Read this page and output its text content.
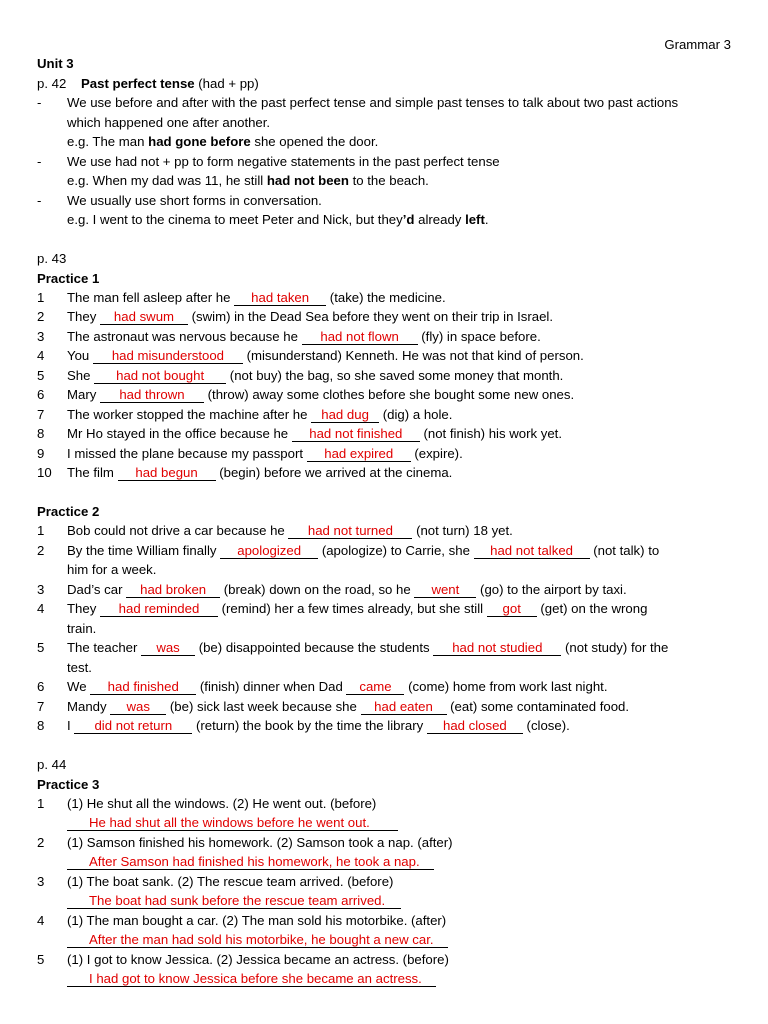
Grammar 3
Unit 3
p. 42 Past perfect tense (had + pp)
- We use before and after with the past perfect tense and simple past tenses to talk about two past actions
which happened one after another.
e.g. The man had gone before she opened the door.
- We use had not + pp to form negative statements in the past perfect tense
e.g. When my dad was 11, he still had not been to the beach.
- We usually use short forms in conversation.
e.g. I went to the cinema to meet Peter and Nick, but they’d already left.
p. 43
Practice 1
1 The man fell asleep after he had taken (take) the medicine.
2 They had swum (swim) in the Dead Sea before they went on their trip in Israel.
3 The astronaut was nervous because he had not flown (fly) in space before.
4 You had misunderstood (misunderstand) Kenneth. He was not that kind of person.
5 She had not bought (not buy) the bag, so she saved some money that month.
6 Mary had thrown (throw) away some clothes before she bought some new ones.
7 The worker stopped the machine after he had dug (dig) a hole.
8 Mr Ho stayed in the office because he had not finished (not finish) his work yet.
9 I missed the plane because my passport had expired (expire).
10 The film had begun (begin) before we arrived at the cinema.
Practice 2
1 Bob could not drive a car because he had not turned (not turn) 18 yet.
2 By the time William finally apologized (apologize) to Carrie, she had not talked (not talk) to
him for a week.
3 Dad’s car had broken (break) down on the road, so he went (go) to the airport by taxi.
4 They had reminded (remind) her a few times already, but she still got (get) on the wrong
train.
5 The teacher was (be) disappointed because the students had not studied (not study) for the
test.
6 We had finished (finish) dinner when Dad came (come) home from work last night.
7 Mandy was (be) sick last week because she had eaten (eat) some contaminated food.
8 I did not return (return) the book by the time the library had closed (close).
p. 44
Practice 3
1 (1) He shut all the windows. (2) He went out. (before)
He had shut all the windows before he went out.
2 (1) Samson finished his homework. (2) Samson took a nap. (after)
After Samson had finished his homework, he took a nap.
3 (1) The boat sank. (2) The rescue team arrived. (before)
The boat had sunk before the rescue team arrived.
4 (1) The man bought a car. (2) The man sold his motorbike. (after)
After the man had sold his motorbike, he bought a new car.
5 (1) I got to know Jessica. (2) Jessica became an actress. (before)
I had got to know Jessica before she became an actress.
